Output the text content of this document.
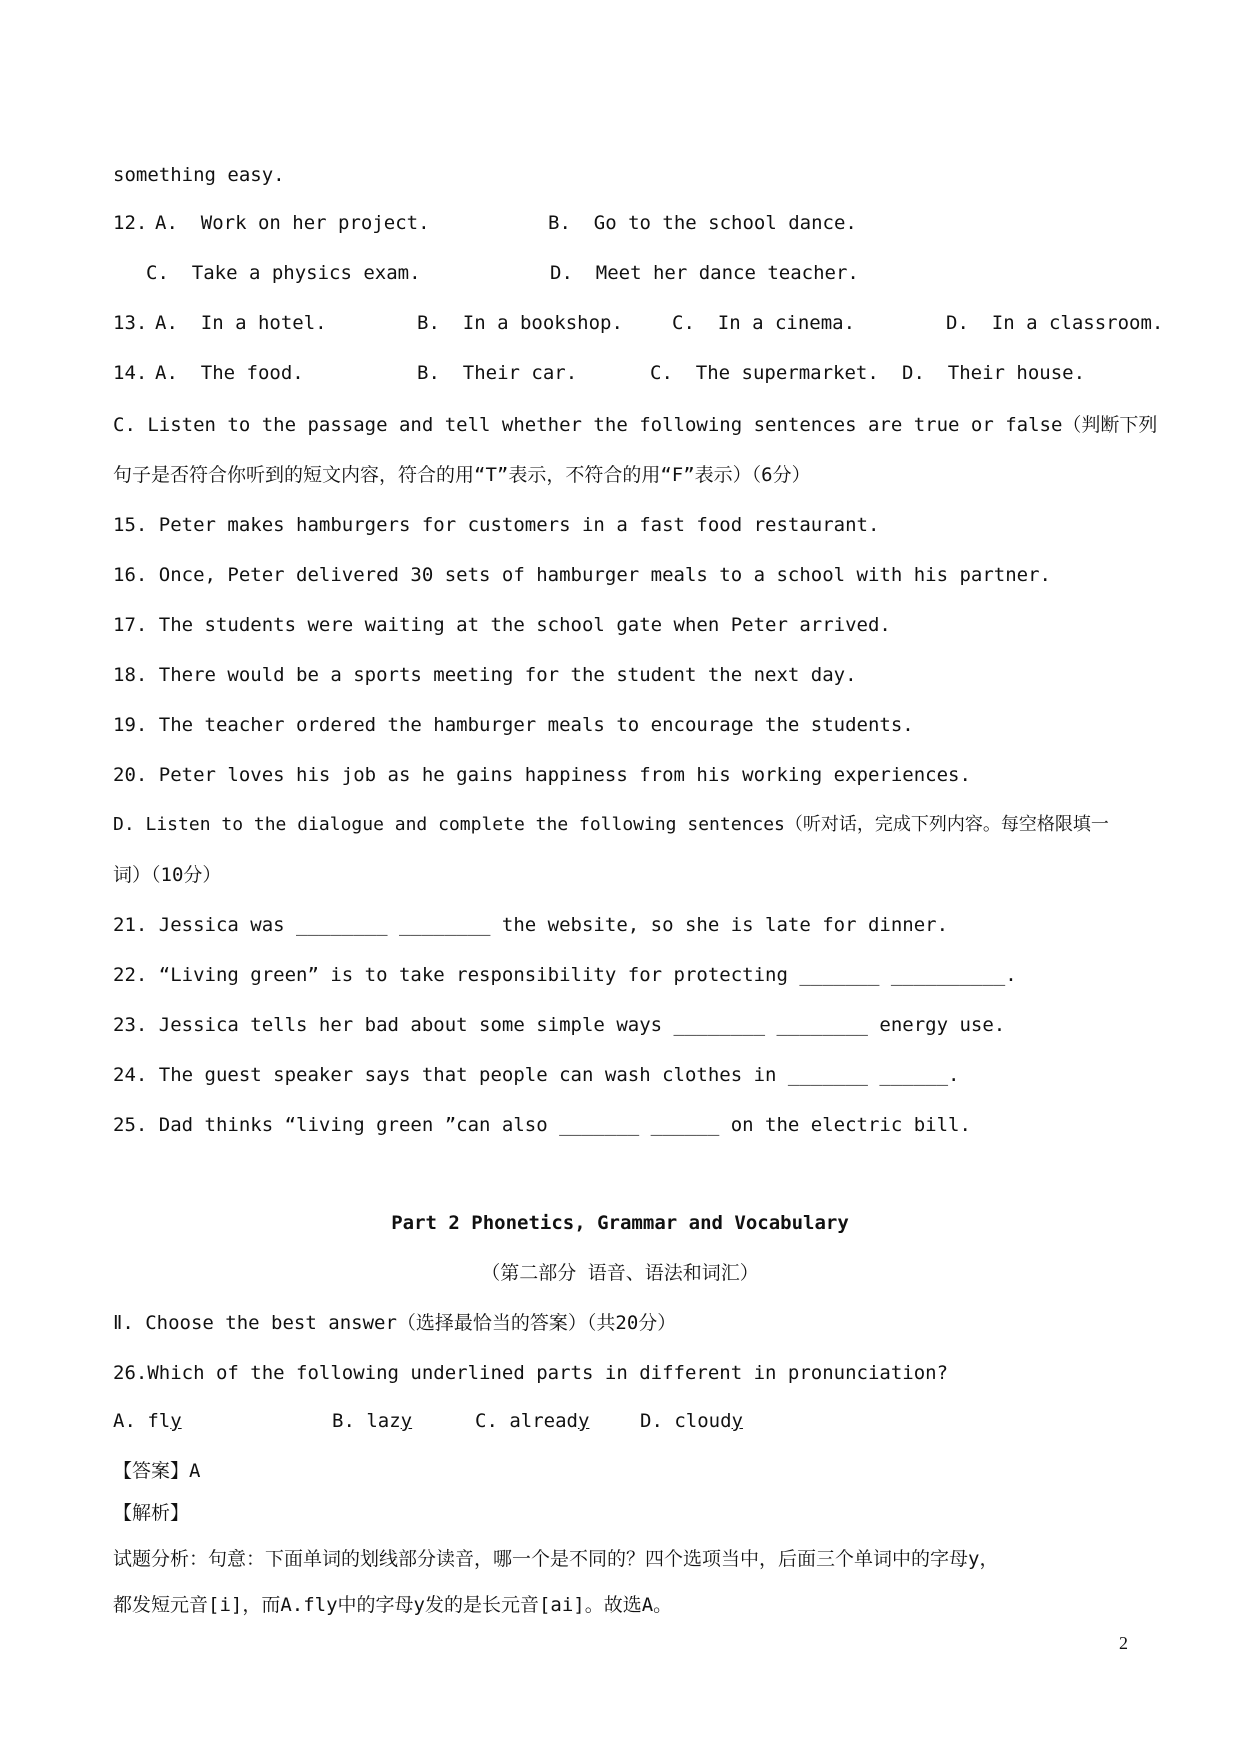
something easy.
12. A.  Work on her project.	B.  Go to the school dance.
C.  Take a physics exam.	D.  Meet her dance teacher.
13. A.  In a hotel.	B.  In a bookshop.	C.  In a cinema.	D.  In a classroom.
14. A.  The food.	B.  Their car.	C.  The supermarket. D.  Their house.
C. Listen to the passage and tell whether the following sentences are true or false（判断下列
句子是否符合你听到的短文内容，符合的用“T”表示，不符合的用“F”表示）（6分）
15. Peter makes hamburgers for customers in a fast food restaurant.
16. Once, Peter delivered 30 sets of hamburger meals to a school with his partner.
17. The students were waiting at the school gate when Peter arrived.
18. There would be a sports meeting for the student the next day.
19. The teacher ordered the hamburger meals to encourage the students.
20. Peter loves his job as he gains happiness from his working experiences.
D. Listen to the dialogue and complete the following sentences（听对话，完成下列内容。每空格限填一
词）（10分）
21. Jessica was ________ ________ the website, so she is late for dinner.
22. “Living green” is to take responsibility for protecting _______ __________.
23. Jessica tells her bad about some simple ways ________ ________ energy use.
24. The guest speaker says that people can wash clothes in _______ ______.
25. Dad thinks “living green ”can also _______ ______ on the electric bill.
Part 2 Phonetics, Grammar and Vocabulary
（第二部分 语音、语法和词汇）
Ⅱ. Choose the best answer（选择最恰当的答案）（共20分）
26.Which of the following underlined parts in different in pronunciation?
A. fly	B. lazy	C. already	D. cloudy
【答案】A
【解析】
试题分析：句意：下面单词的划线部分读音，哪一个是不同的？四个选项当中，后面三个单词中的字母y，
都发短元音[i]，而A.fly中的字母y发的是长元音[ai]。故选A。
2
